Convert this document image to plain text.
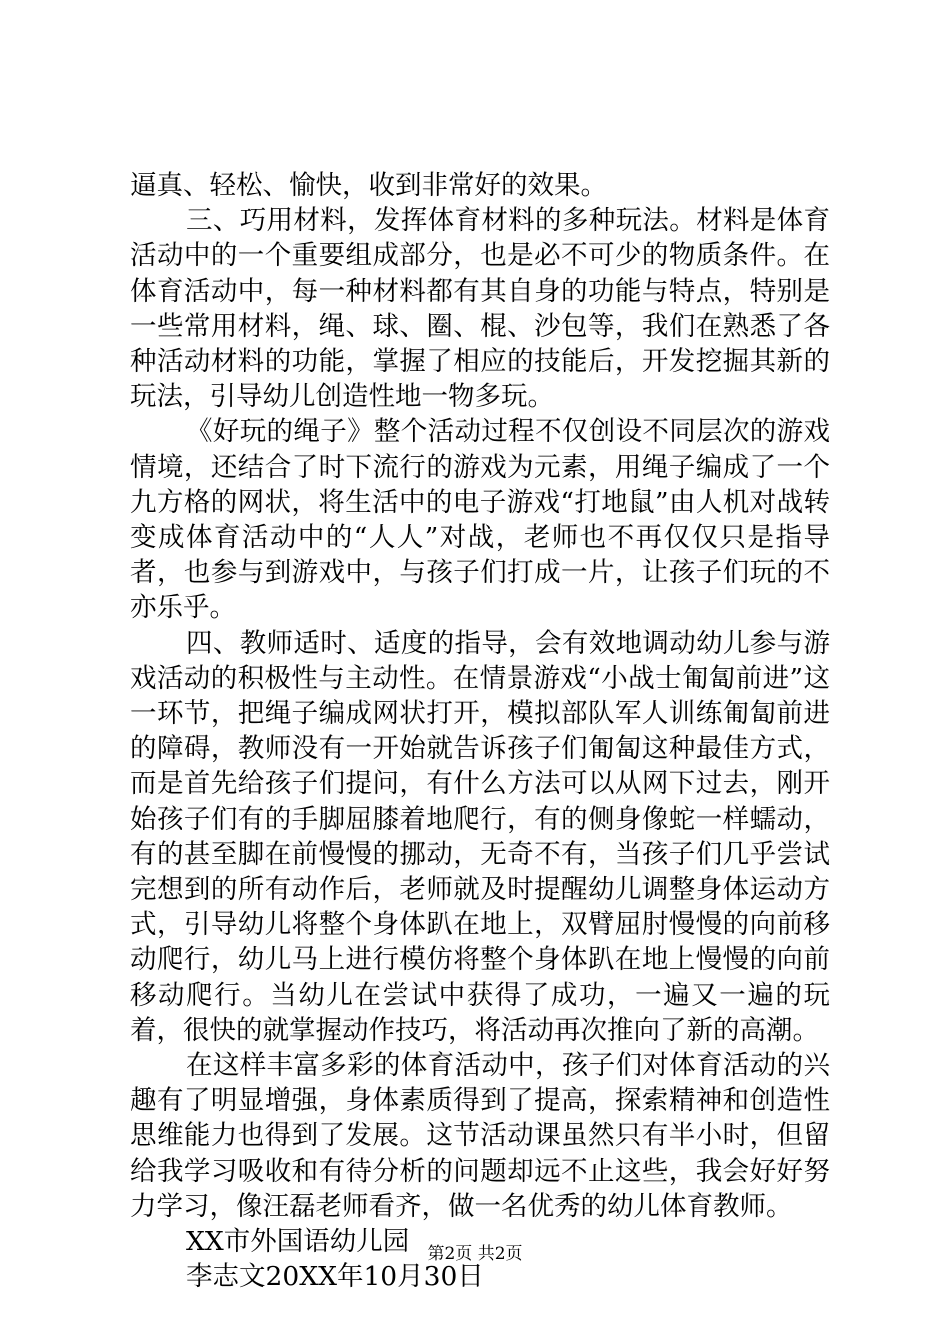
逼真、轻松、愉快，收到非常好的效果。

三、巧用材料，发挥体育材料的多种玩法。材料是体育活动中的一个重要组成部分，也是必不可少的物质条件。在体育活动中，每一种材料都有其自身的功能与特点，特别是一些常用材料，绳、球、圈、棍、沙包等，我们在熟悉了各种活动材料的功能，掌握了相应的技能后，开发挖掘其新的玩法，引导幼儿创造性地一物多玩。

《好玩的绳子》整个活动过程不仅创设不同层次的游戏情境，还结合了时下流行的游戏为元素，用绳子编成了一个九方格的网状，将生活中的电子游戏“打地鼠”由人机对战转变成体育活动中的“人人”对战，老师也不再仅仅只是指导者，也参与到游戏中，与孩子们打成一片，让孩子们玩的不亦乐乎。

四、教师适时、适度的指导，会有效地调动幼儿参与游戏活动的积极性与主动性。在情景游戏“小战士匍匐前进”这一环节，把绳子编成网状打开，模拟部队军人训练匍匐前进的障碍，教师没有一开始就告诉孩子们匍匐这种最佳方式，而是首先给孩子们提问，有什么方法可以从网下过去，刚开始孩子们有的手脚屈膝着地爬行，有的侧身像蛇一样蠕动，有的甚至脚在前慢慢的挪动，无奇不有，当孩子们几乎尝试完想到的所有动作后，老师就及时提醒幼儿调整身体运动方式，引导幼儿将整个身体趴在地上，双臂屈肘慢慢的向前移动爬行，幼儿马上进行模仿将整个身体趴在地上慢慢的向前移动爬行。当幼儿在尝试中获得了成功，一遍又一遍的玩着，很快的就掌握动作技巧，将活动再次推向了新的高潮。

在这样丰富多彩的体育活动中，孩子们对体育活动的兴趣有了明显增强，身体素质得到了提高，探索精神和创造性思维能力也得到了发展。这节活动课虽然只有半小时，但留给我学习吸收和有待分析的问题却远不止这些，我会好好努力学习，像汪磊老师看齐，做一名优秀的幼儿体育教师。

XX市外国语幼儿园

李志文20XX年10月30日

第2页 共2页
